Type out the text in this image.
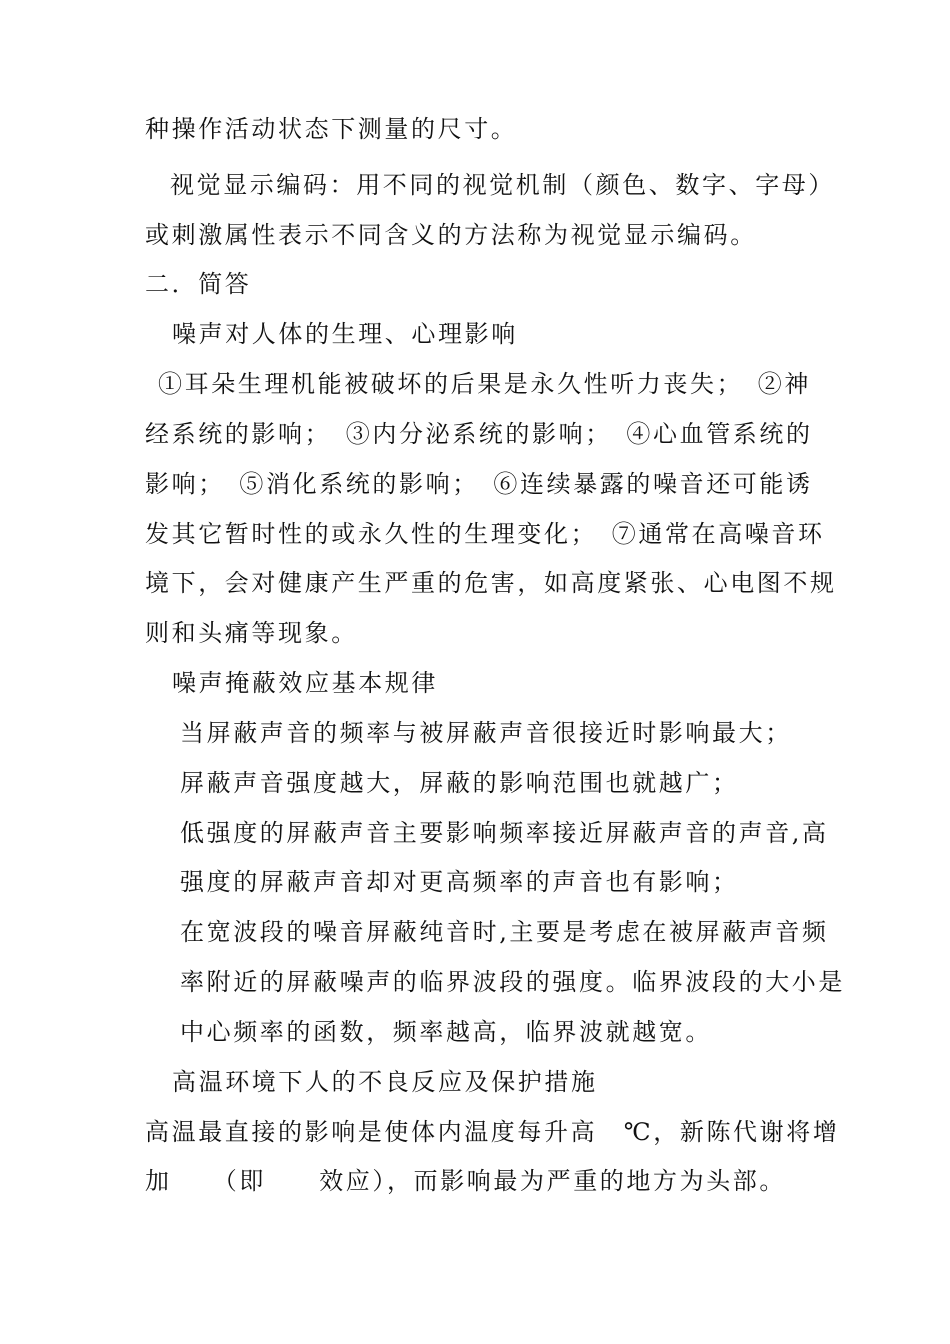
种操作活动状态下测量的尺寸。

视觉显示编码：用不同的视觉机制（颜色、数字、字母）

或刺激属性表示不同含义的方法称为视觉显示编码。

二．简答

噪声对人体的生理、心理影响

①耳朵生理机能被破坏的后果是永久性听力丧失；　②神

经系统的影响；　③内分泌系统的影响；　④心血管系统的

影响；　⑤消化系统的影响；　⑥连续暴露的噪音还可能诱

发其它暂时性的或永久性的生理变化；　⑦通常在高噪音环

境下，会对健康产生严重的危害，如高度紧张、心电图不规

则和头痛等现象。

噪声掩蔽效应基本规律

当屏蔽声音的频率与被屏蔽声音很接近时影响最大；

屏蔽声音强度越大，屏蔽的影响范围也就越广；

低强度的屏蔽声音主要影响频率接近屏蔽声音的声音,高

强度的屏蔽声音却对更高频率的声音也有影响；

在宽波段的噪音屏蔽纯音时,主要是考虑在被屏蔽声音频

率附近的屏蔽噪声的临界波段的强度。临界波段的大小是

中心频率的函数，频率越高，临界波就越宽。

高温环境下人的不良反应及保护措施

高温最直接的影响是使体内温度每升高　℃，新陈代谢将增

加　　（即　　效应），而影响最为严重的地方为头部。
